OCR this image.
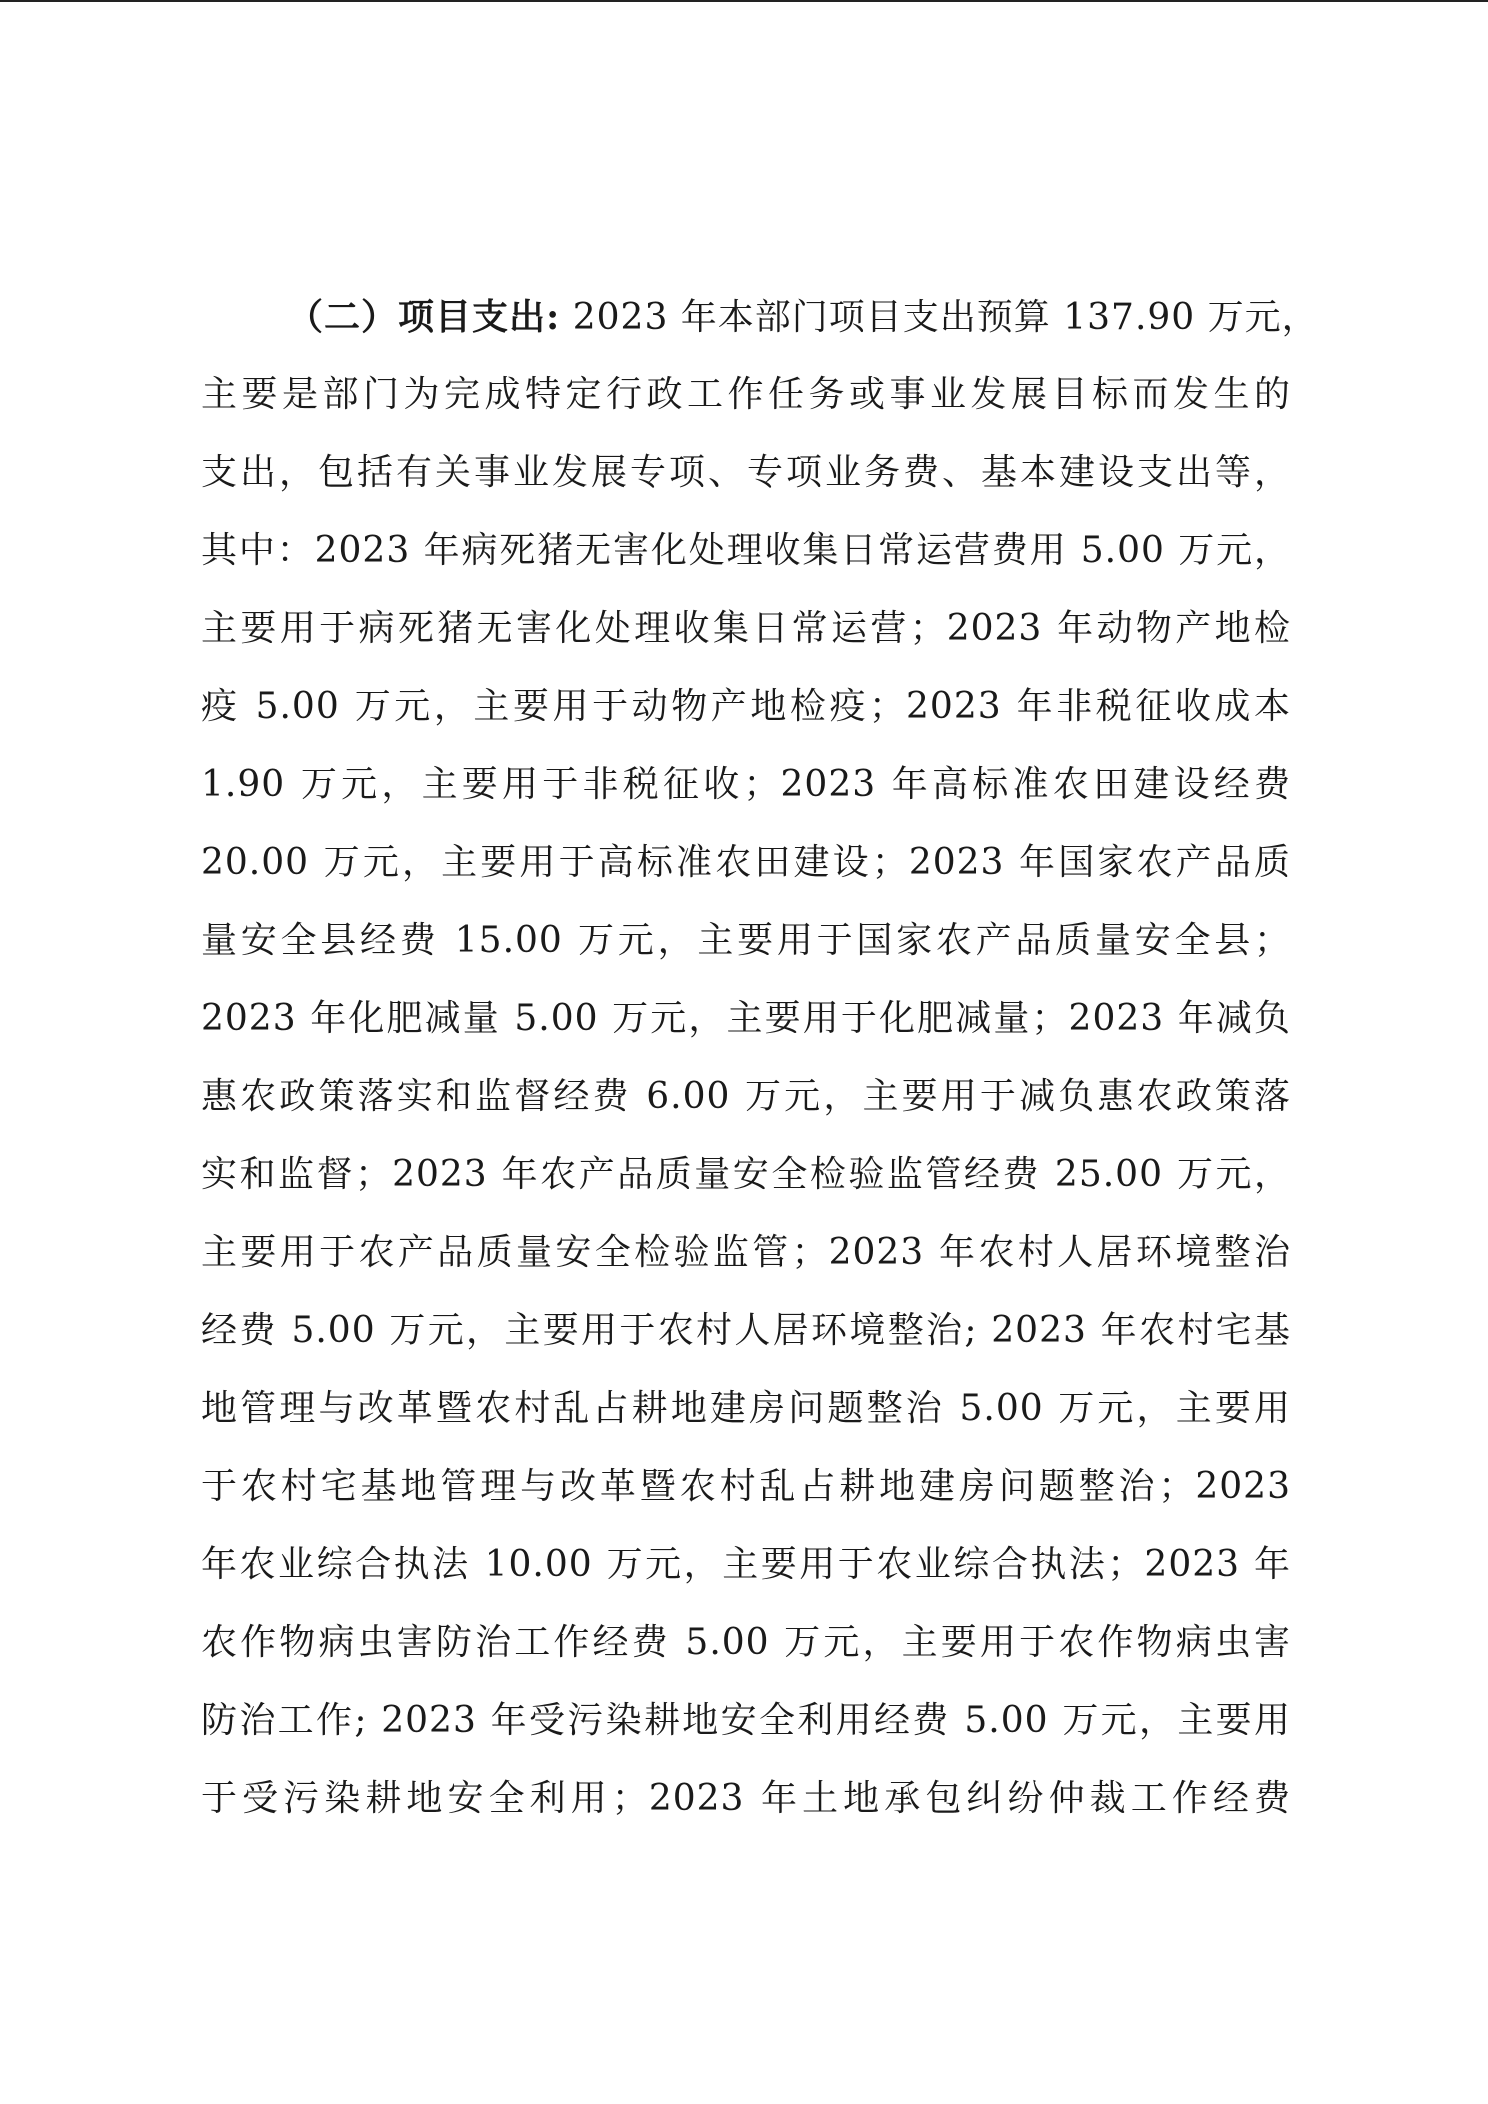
（二）项目支出: 2023 年本部门项目支出预算 137.90 万元，
主要是部门为完成特定行政工作任务或事业发展目标而发生的
支出，包括有关事业发展专项、专项业务费、基本建设支出等，
其中：2023 年病死猪无害化处理收集日常运营费用 5.00 万元，
主要用于病死猪无害化处理收集日常运营；2023 年动物产地检
疫 5.00 万元，主要用于动物产地检疫；2023 年非税征收成本
1.90 万元，主要用于非税征收；2023 年高标准农田建设经费
20.00 万元，主要用于高标准农田建设；2023 年国家农产品质
量安全县经费 15.00 万元，主要用于国家农产品质量安全县；
2023 年化肥减量 5.00 万元，主要用于化肥减量；2023 年减负
惠农政策落实和监督经费 6.00 万元，主要用于减负惠农政策落
实和监督；2023 年农产品质量安全检验监管经费 25.00 万元，
主要用于农产品质量安全检验监管；2023 年农村人居环境整治
经费 5.00 万元，主要用于农村人居环境整治; 2023 年农村宅基
地管理与改革暨农村乱占耕地建房问题整治 5.00 万元，主要用
于农村宅基地管理与改革暨农村乱占耕地建房问题整治；2023
年农业综合执法 10.00 万元，主要用于农业综合执法；2023 年
农作物病虫害防治工作经费 5.00 万元，主要用于农作物病虫害
防治工作; 2023 年受污染耕地安全利用经费 5.00 万元，主要用
于受污染耕地安全利用；2023 年土地承包纠纷仲裁工作经费
